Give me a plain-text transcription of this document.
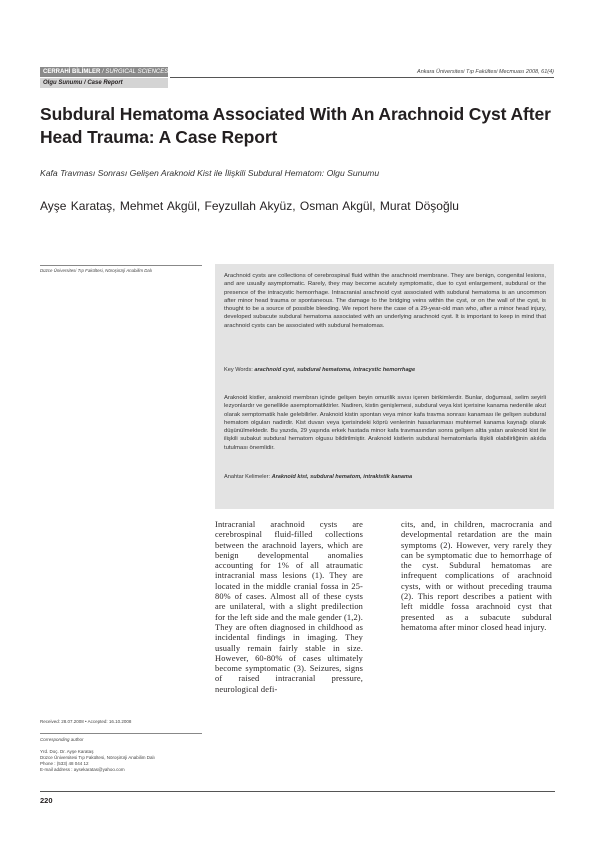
CERRAHİ BİLİMLER / SURGICAL SCIENCES
Olgu Sunumu / Case Report
Ankara Üniversitesi Tıp Fakültesi Mecmuası 2008, 61(4)
Subdural Hematoma Associated With An Arachnoid Cyst After
Head Trauma: A Case Report
Kafa Travması Sonrası Gelişen Araknoid Kist ile İlişkili Subdural Hematom: Olgu Sunumu
Ayşe Karataş, Mehmet Akgül, Feyzullah Akyüz, Osman Akgül, Murat Döşoğlu
Düzce Üniversitesi Tıp Fakültesi, Nöroşirürji Anabilim Dalı
Arachnoid cysts are collections of cerebrospinal fluid within the arachnoid membrane. They are benign, congenital lesions, and are usually asymptomatic. Rarely, they may become acutely symptomatic, due to cyst enlargement, subdural or the presence of the intracystic hemorrhage. Intracranial arachnoid cyst associated with subdural hematoma is an uncommon after minor head trauma or spontaneous. The damage to the bridging veins within the cyst, or on the wall of the cyst, is thought to be a source of possible bleeding. We report here the case of a 29-year-old man who, after a minor head injury, developed subacute subdural hematoma associated with an underlying arachnoid cyst. It is important to keep in mind that arachnoid cysts can be associated with subdural hematomas.
Key Words: arachnoid cyst, subdural hematoma, intracystic hemorrhage
Araknoid kistler, araknoid membran içinde gelişen beyin omurilik sıvısı içeren birikimlerdir. Bunlar, doğumsal, selim seyirli lezyonlardır ve genellikle asemptomatiktirler. Nadiren, kistin genişlemesi, subdural veya kist içerisine kanama nedeniile akut olarak semptomatik hale gelebilirler. Araknoid kistin spontan veya minor kafa travma sonrası kanaması ile gelişen subdural hematom olguları nadirdir. Kist duvarı veya içerisindeki köprü venlerinin hasarlanması muhtemel kanama kaynağı olarak düşünülmektedir. Bu yazıda, 29 yaşında erkek hastada minor kafa travmasından sonra gelişen altta yatan araknoid kist ile ilişkili subakut subdural hematom olgusu bildirilmiştir. Araknoid kistlerin subdural hematomlarla ilişkili olabilirliğinin akılda tutulması önemlidir.
Anahtar Kelimeler: Araknoid kist, subdural hematom, intrakistik kanama
Intracranial arachnoid cysts are cerebrospinal fluid-filled collections between the arachnoid layers, which are benign developmental anomalies accounting for 1% of all atraumatic intracranial mass lesions (1). They are located in the middle cranial fossa in 25-80% of cases. Almost all of these cysts are unilateral, with a slight predilection for the left side and the male gender (1,2). They are often diagnosed in childhood as incidental findings in imaging. They usually remain fairly stable in size. However, 60-80% of cases ultimately become symptomatic (3). Seizures, signs of raised intracranial pressure, neurological defi-
cits, and, in children, macrocrania and developmental retardation are the main symptoms (2). However, very rarely they can be symptomatic due to hemorrhage of the cyst. Subdural hematomas are infrequent complications of arachnoid cysts, with or without preceding trauma (2). This report describes a patient with left middle fossa arachnoid cyst that presented as a subacute subdural hematoma after minor closed head injury.
Received: 28.07.2008 • Accepted: 16.10.2008
Corresponding author
Yrd. Doç. Dr. Ayşe Karataş
Düzce Üniversitesi Tıp Fakültesi, Nöroşirürji Anabilim Dalı
Phone : (533) 48 044 12
E-mail address : aysekaratas@yahoo.com
220
